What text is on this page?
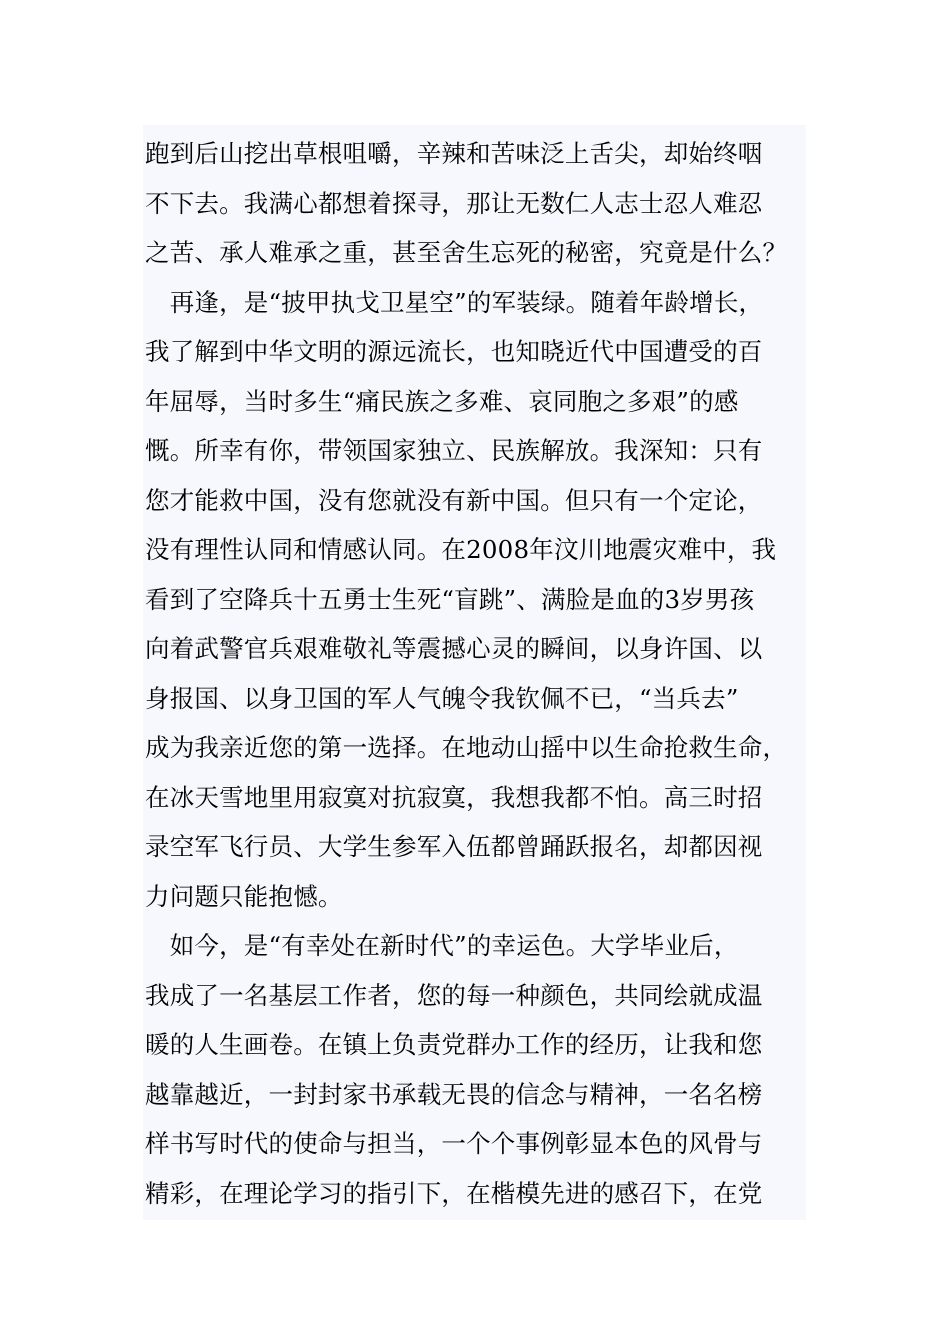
跑到后山挖出草根咀嚼，辛辣和苦味泛上舌尖，却始终咽
不下去。我满心都想着探寻，那让无数仁人志士忍人难忍
之苦、承人难承之重，甚至舍生忘死的秘密，究竟是什么？
　再逢，是“披甲执戈卫星空”的军装绿。随着年龄增长，
我了解到中华文明的源远流长，也知晓近代中国遭受的百
年屈辱，当时多生“痛民族之多难、哀同胞之多艰”的感
慨。所幸有你，带领国家独立、民族解放。我深知：只有
您才能救中国，没有您就没有新中国。但只有一个定论，
没有理性认同和情感认同。在2008年汶川地震灾难中，我
看到了空降兵十五勇士生死“盲跳”、满脸是血的3岁男孩
向着武警官兵艰难敬礼等震撼心灵的瞬间，以身许国、以
身报国、以身卫国的军人气魄令我钦佩不已，“当兵去”
成为我亲近您的第一选择。在地动山摇中以生命抢救生命，
在冰天雪地里用寂寞对抗寂寞，我想我都不怕。高三时招
录空军飞行员、大学生参军入伍都曾踊跃报名，却都因视
力问题只能抱憾。
　如今，是“有幸处在新时代”的幸运色。大学毕业后，
我成了一名基层工作者，您的每一种颜色，共同绘就成温
暖的人生画卷。在镇上负责党群办工作的经历，让我和您
越靠越近，一封封家书承载无畏的信念与精神，一名名榜
样书写时代的使命与担当，一个个事例彰显本色的风骨与
精彩，在理论学习的指引下，在楷模先进的感召下，在党
